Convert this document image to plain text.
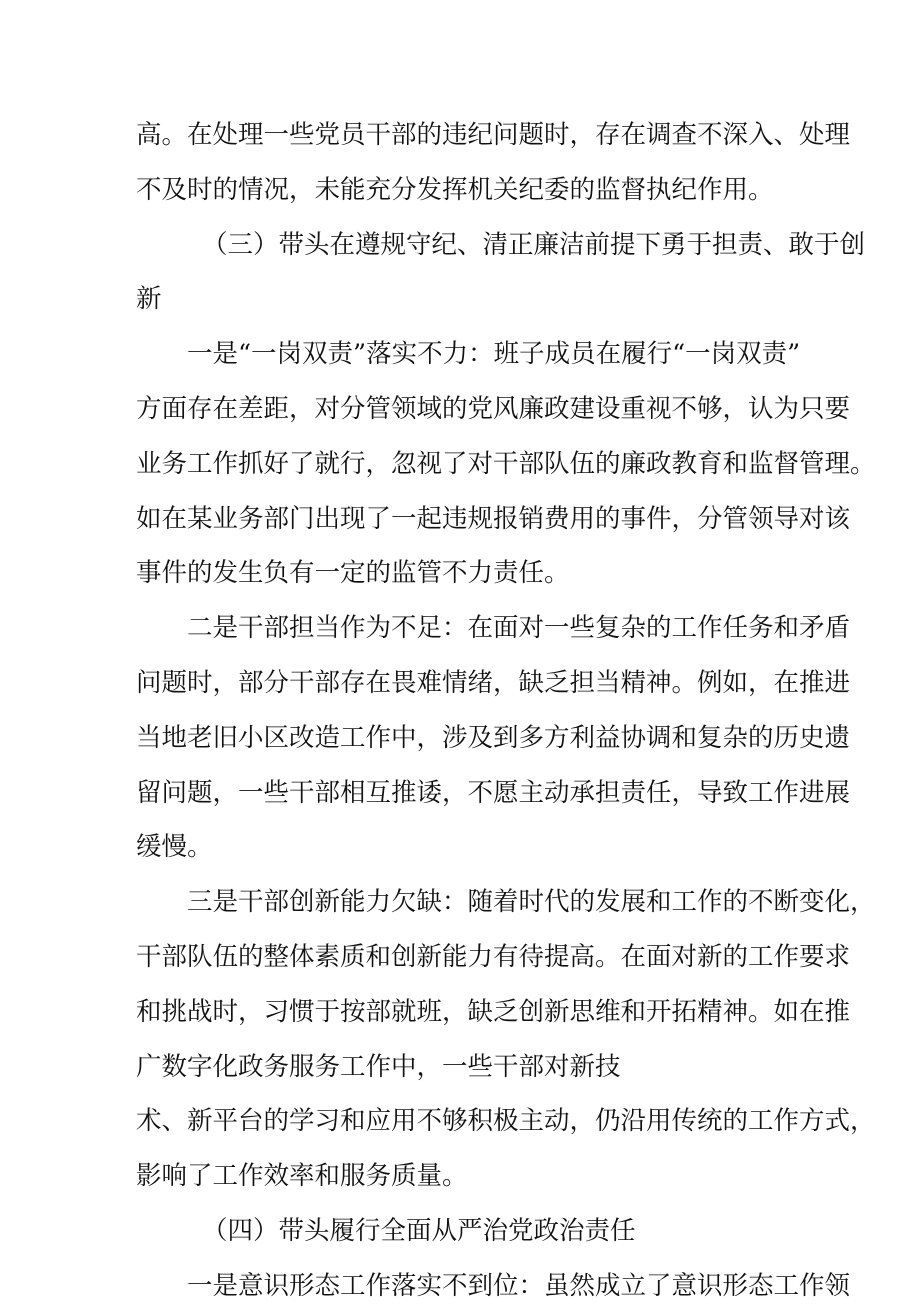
高。在处理一些党员干部的违纪问题时，存在调查不深入、处理
不及时的情况，未能充分发挥机关纪委的监督执纪作用。
（三）带头在遵规守纪、清正廉洁前提下勇于担责、敢于创
新
一是“一岗双责”落实不力：班子成员在履行“一岗双责”
方面存在差距，对分管领域的党风廉政建设重视不够，认为只要
业务工作抓好了就行，忽视了对干部队伍的廉政教育和监督管理。
如在某业务部门出现了一起违规报销费用的事件，分管领导对该
事件的发生负有一定的监管不力责任。
二是干部担当作为不足：在面对一些复杂的工作任务和矛盾
问题时，部分干部存在畏难情绪，缺乏担当精神。例如，在推进
当地老旧小区改造工作中，涉及到多方利益协调和复杂的历史遗
留问题，一些干部相互推诿，不愿主动承担责任，导致工作进展
缓慢。
三是干部创新能力欠缺：随着时代的发展和工作的不断变化，
干部队伍的整体素质和创新能力有待提高。在面对新的工作要求
和挑战时，习惯于按部就班，缺乏创新思维和开拓精神。如在推
广数字化政务服务工作中，一些干部对新技
术、新平台的学习和应用不够积极主动，仍沿用传统的工作方式，
影响了工作效率和服务质量。
（四）带头履行全面从严治党政治责任
一是意识形态工作落实不到位：虽然成立了意识形态工作领
